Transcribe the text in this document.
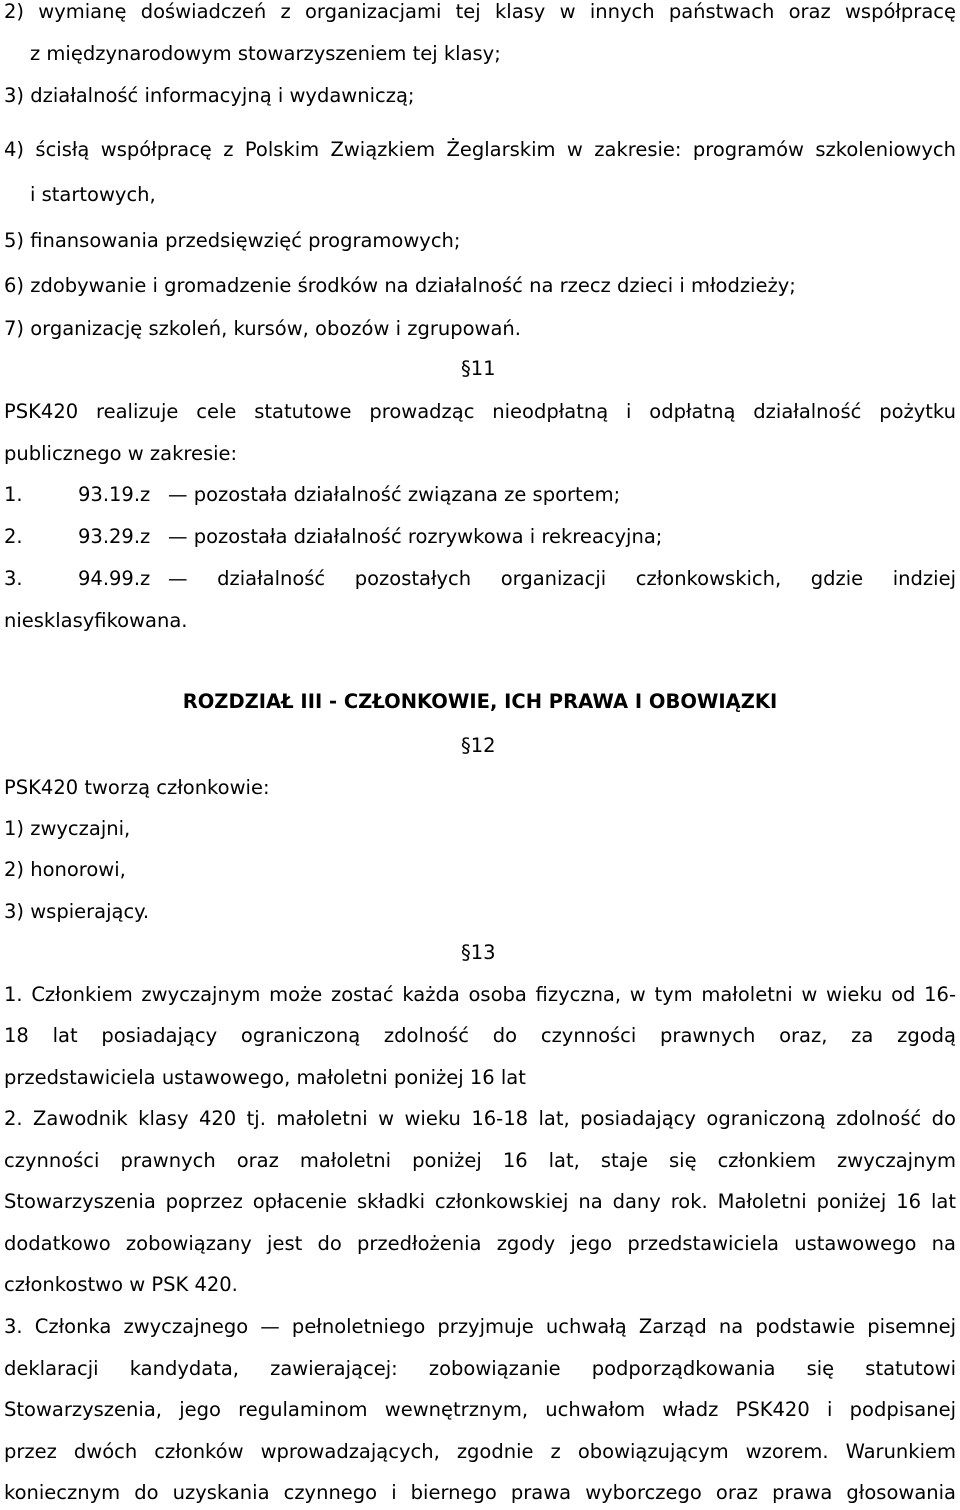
2) wymianę doświadczeń z organizacjami tej klasy w innych państwach oraz współpracę
z międzynarodowym stowarzyszeniem tej klasy;
3) działalność informacyjną i wydawniczą;
4) ścisłą współpracę z Polskim Związkiem Żeglarskim w zakresie: programów szkoleniowych
i startowych,
5) finansowania przedsięwzięć programowych;
6) zdobywanie i gromadzenie środków na działalność na rzecz dzieci i młodzieży;
7) organizację szkoleń, kursów, obozów i zgrupowań.
§11
PSK420 realizuje cele statutowe prowadząc nieodpłatną i odpłatną działalność pożytku
publicznego w zakresie:
1.	93.19.z — pozostała działalność związana ze sportem;
2.	93.29.z — pozostała działalność rozrywkowa i rekreacyjna;
3.	94.99.z — działalność pozostałych organizacji członkowskich, gdzie indziej
niesklasyfikowana.
ROZDZIAŁ III - CZŁONKOWIE, ICH PRAWA I OBOWIĄZKI
§12
PSK420 tworzą członkowie:
1) zwyczajni,
2) honorowi,
3) wspierający.
§13
1. Członkiem zwyczajnym może zostać każda osoba fizyczna, w tym małoletni w wieku od 16-
18 lat posiadający ograniczoną zdolność do czynności prawnych oraz, za zgodą
przedstawiciela ustawowego, małoletni poniżej 16 lat
2. Zawodnik klasy 420 tj. małoletni w wieku 16-18 lat, posiadający ograniczoną zdolność do
czynności prawnych oraz małoletni poniżej 16 lat, staje się członkiem zwyczajnym
Stowarzyszenia poprzez opłacenie składki członkowskiej na dany rok. Małoletni poniżej 16 lat
dodatkowo zobowiązany jest do przedłożenia zgody jego przedstawiciela ustawowego na
członkostwo w PSK 420.
3. Członka zwyczajnego — pełnoletniego przyjmuje uchwałą Zarząd na podstawie pisemnej
deklaracji kandydata, zawierającej: zobowiązanie podporządkowania się statutowi
Stowarzyszenia, jego regulaminom wewnętrznym, uchwałom władz PSK420 i podpisanej
przez dwóch członków wprowadzających, zgodnie z obowiązującym wzorem. Warunkiem
koniecznym do uzyskania czynnego i biernego prawa wyborczego oraz prawa głosowania
